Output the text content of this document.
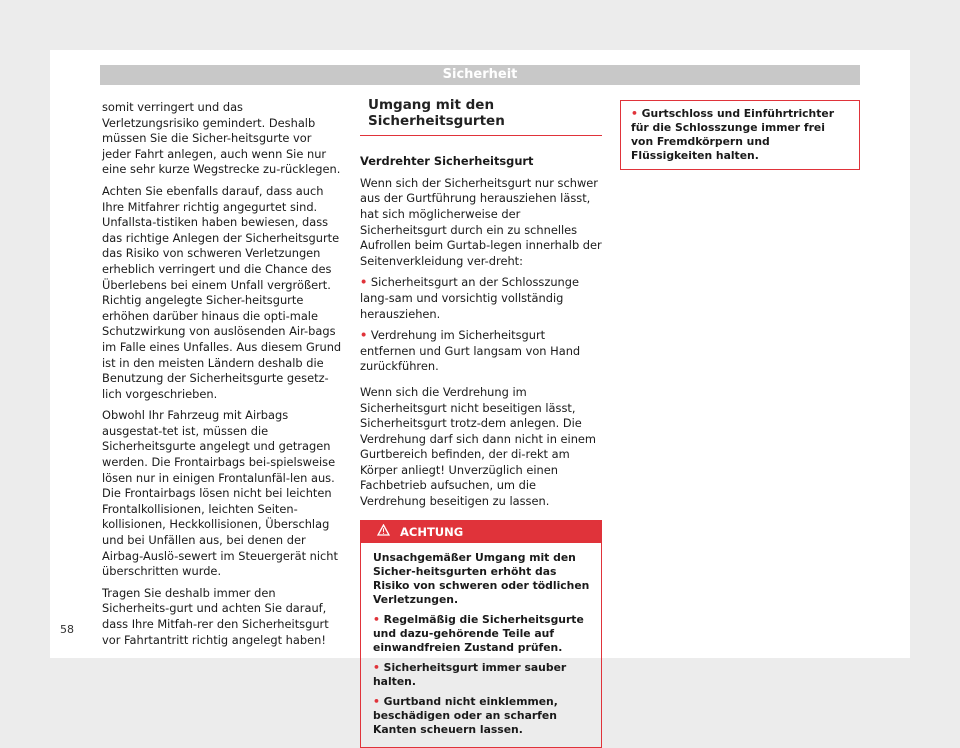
Sicherheit

somit verringert und das Verletzungsrisiko gemindert. Deshalb müssen Sie die Sicher-heitsgurte vor jeder Fahrt anlegen, auch wenn Sie nur eine sehr kurze Wegstrecke zu-rücklegen.

Achten Sie ebenfalls darauf, dass auch Ihre Mitfahrer richtig angegurtet sind. Unfallsta-tistiken haben bewiesen, dass das richtige Anlegen der Sicherheitsgurte das Risiko von schweren Verletzungen erheblich verringert und die Chance des Überlebens bei einem Unfall vergrößert. Richtig angelegte Sicher-heitsgurte erhöhen darüber hinaus die opti-male Schutzwirkung von auslösenden Air-bags im Falle eines Unfalles. Aus diesem Grund ist in den meisten Ländern deshalb die Benutzung der Sicherheitsgurte gesetz-lich vorgeschrieben.

Obwohl Ihr Fahrzeug mit Airbags ausgestat-tet ist, müssen die Sicherheitsgurte angelegt und getragen werden. Die Frontairbags bei-spielsweise lösen nur in einigen Frontalunfäl-len aus. Die Frontairbags lösen nicht bei leichten Frontalkollisionen, leichten Seiten-kollisionen, Heckkollisionen, Überschlag und bei Unfällen aus, bei denen der Airbag-Auslö-sewert im Steuergerät nicht überschritten wurde.

Tragen Sie deshalb immer den Sicherheits-gurt und achten Sie darauf, dass Ihre Mitfah-rer den Sicherheitsgurt vor Fahrtantritt richtig angelegt haben!

Umgang mit den Sicherheitsgurten

Verdrehter Sicherheitsgurt

Wenn sich der Sicherheitsgurt nur schwer aus der Gurtführung herausziehen lässt, hat sich möglicherweise der Sicherheitsgurt durch ein zu schnelles Aufrollen beim Gurtab-legen innerhalb der Seitenverkleidung ver-dreht:

• Sicherheitsgurt an der Schlosszunge lang-sam und vorsichtig vollständig herausziehen.

• Verdrehung im Sicherheitsgurt entfernen und Gurt langsam von Hand zurückführen.

Wenn sich die Verdrehung im Sicherheitsgurt nicht beseitigen lässt, Sicherheitsgurt trotz-dem anlegen. Die Verdrehung darf sich dann nicht in einem Gurtbereich befinden, der di-rekt am Körper anliegt! Unverzüglich einen Fachbetrieb aufsuchen, um die Verdrehung beseitigen zu lassen.

ACHTUNG

Unsachgemäßer Umgang mit den Sicher-heitsgurten erhöht das Risiko von schweren oder tödlichen Verletzungen.

• Regelmäßig die Sicherheitsgurte und dazu-gehörende Teile auf einwandfreien Zustand prüfen.

• Sicherheitsgurt immer sauber halten.

• Gurtband nicht einklemmen, beschädigen oder an scharfen Kanten scheuern lassen.

• Gurtschloss und Einführtrichter für die Schlosszunge immer frei von Fremdkörpern und Flüssigkeiten halten.
58
